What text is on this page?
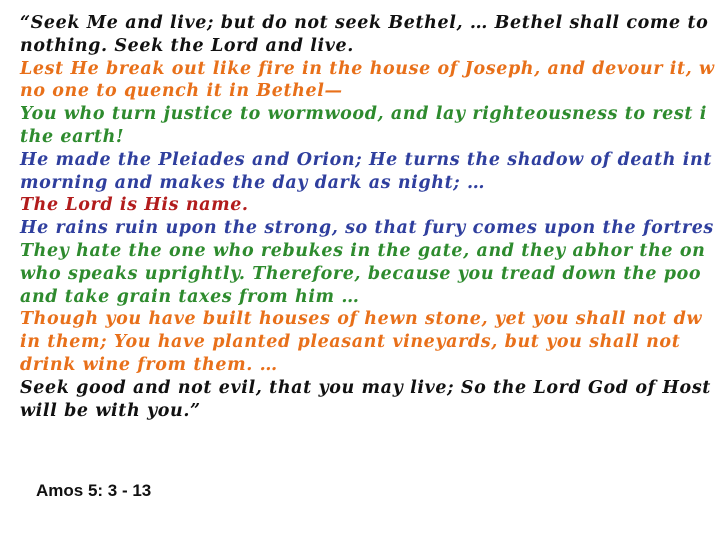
“Seek Me and live; but do not seek Bethel, … Bethel shall come to
nothing. Seek the Lord and live.
Lest He break out like fire in the house of Joseph, and devour it, w
no one to quench it in Bethel—
You who turn justice to wormwood, and lay righteousness to rest i
the earth!
He made the Pleiades and Orion; He turns the shadow of death int
morning and makes the day dark as night; …
The Lord is His name.
He rains ruin upon the strong, so that fury comes upon the fortres
They hate the one who rebukes in the gate, and they abhor the on
who speaks uprightly. Therefore, because you tread down the poo
and take grain taxes from him …
Though you have built houses of hewn stone, yet you shall not dw
in them; You have planted pleasant vineyards, but you shall not
drink wine from them. …
Seek good and not evil, that you may live; So the Lord God of Host
will be with you.”
Amos 5: 3 - 13
